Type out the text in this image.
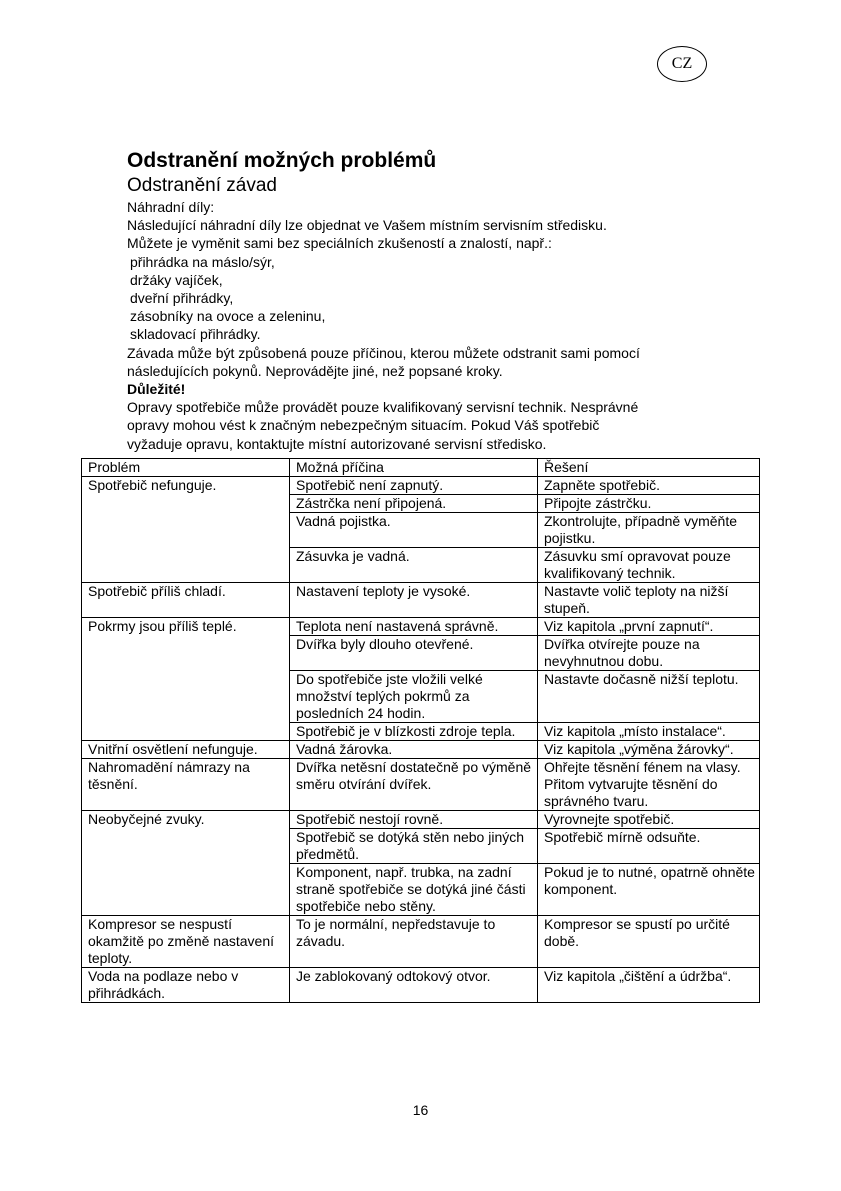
CZ

Odstranění možných problémů

Odstranění závad

Náhradní díly:

Následující náhradní díly lze objednat ve Vašem místním servisním středisku.

Můžete je vyměnit sami bez speciálních zkušeností a znalostí, např.:

přihrádka na máslo/sýr,

držáky vajíček,

dveřní přihrádky,

zásobníky na ovoce a zeleninu,

skladovací přihrádky.

Závada může být způsobená pouze příčinou, kterou můžete odstranit sami pomocí

následujících pokynů. Neprovádějte jiné, než popsané kroky.

Důležité!

Opravy spotřebiče může provádět pouze kvalifikovaný servisní technik. Nesprávné

opravy mohou vést k značným nebezpečným situacím. Pokud Váš spotřebič

vyžaduje opravu, kontaktujte místní autorizované servisní středisko.

Problém	Možná příčina	Řešení
Spotřebič nefunguje.	Spotřebič není zapnutý.	Zapněte spotřebič.
	Zástrčka není připojená.	Připojte zástrčku.
	Vadná pojistka.	Zkontrolujte, případně vyměňte pojistku.
	Zásuvka je vadná.	Zásuvku smí opravovat pouze kvalifikovaný technik.
Spotřebič příliš chladí.	Nastavení teploty je vysoké.	Nastavte volič teploty na nižší stupeň.
Pokrmy jsou příliš teplé.	Teplota není nastavená správně.	Viz kapitola „první zapnutí“.
	Dvířka byly dlouho otevřené.	Dvířka otvírejte pouze na nevyhnutnou dobu.
	Do spotřebiče jste vložili velké množství teplých pokrmů za posledních 24 hodin.	Nastavte dočasně nižší teplotu.
	Spotřebič je v blízkosti zdroje tepla.	Viz kapitola „místo instalace“.
Vnitřní osvětlení nefunguje.	Vadná žárovka.	Viz kapitola „výměna žárovky“.
Nahromadění námrazy na těsnění.	Dvířka netěsní dostatečně po výměně směru otvírání dvířek.	Ohřejte těsnění fénem na vlasy. Přitom vytvarujte těsnění do správného tvaru.
Neobyčejné zvuky.	Spotřebič nestojí rovně.	Vyrovnejte spotřebič.
	Spotřebič se dotýká stěn nebo jiných předmětů.	Spotřebič mírně odsuňte.
	Komponent, např. trubka, na zadní straně spotřebiče se dotýká jiné části spotřebiče nebo stěny.	Pokud je to nutné, opatrně ohněte komponent.
Kompresor se nespustí okamžitě po změně nastavení teploty.	To je normální, nepředstavuje to závadu.	Kompresor se spustí po určité době.
Voda na podlaze nebo v přihrádkách.	Je zablokovaný odtokový otvor.	Viz kapitola „čištění a údržba“.
16
